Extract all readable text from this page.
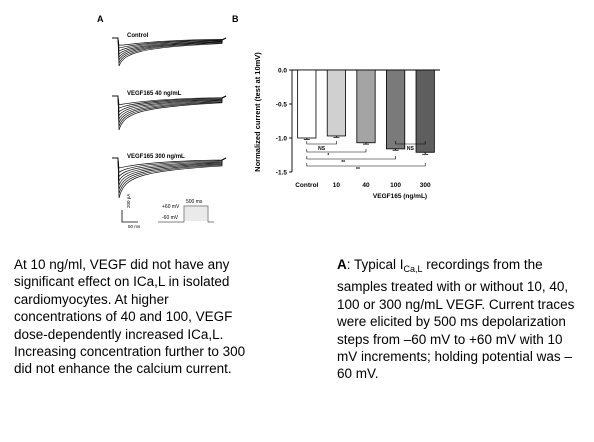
A
Control
VEGF165 40 ng/mL
VEGF165 300 ng/mL
500 ms
+60 mV
-60 mV
200 pA
50 ms
B
Normalized current (test at 10mV)
VEGF165 (ng/mL)
0.0
-0.5
-1.0
-1.5
Control 10	40	100	300
NS	NS
*
**
**
At 10 ng/ml, VEGF did not have any significant effect on ICa,L in isolated cardiomyocytes. At higher concentrations of 40 and 100, VEGF dose-dependently increased ICa,L. Increasing concentration further to 300 did not enhance the calcium current.
A: Typical $I_{Ca,L}$ recordings from the samples treated with or without 10, 40, 100 or 300 ng/mL VEGF. Current traces were elicited by 500 ms depolarization steps from –60 mV to +60 mV with 10 mV increments; holding potential was –60 mV.
